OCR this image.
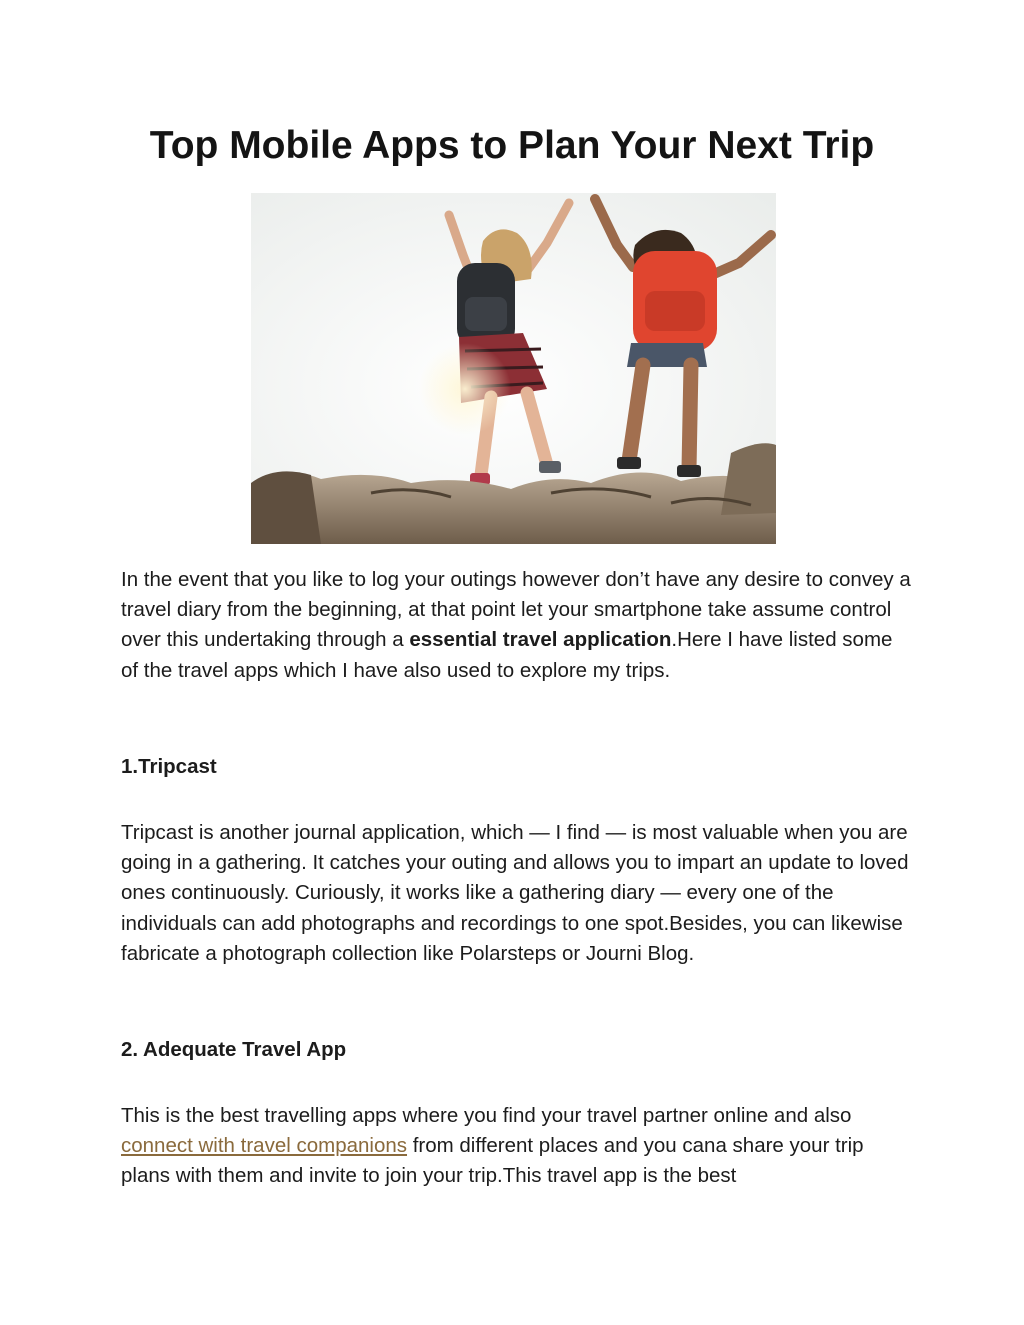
Top Mobile Apps to Plan Your Next Trip

In the event that you like to log your outings however don’t have any desire to convey a travel diary from the beginning, at that point let your smartphone take assume control over this undertaking through a essential travel application.Here I have listed some of the travel apps which I have also used to explore my trips.

1.Tripcast

Tripcast is another journal application, which — I find — is most valuable when you are going in a gathering. It catches your outing and allows you to impart an update to loved ones continuously. Curiously, it works like a gathering diary — every one of the individuals can add photographs and recordings to one spot.Besides, you can likewise fabricate a photograph collection like Polarsteps or Journi Blog.

2. Adequate Travel App

This is the best travelling apps where you find your travel partner online and also connect with travel companions from different places and you cana share your trip plans with them and invite to join your trip.This travel app is the best
